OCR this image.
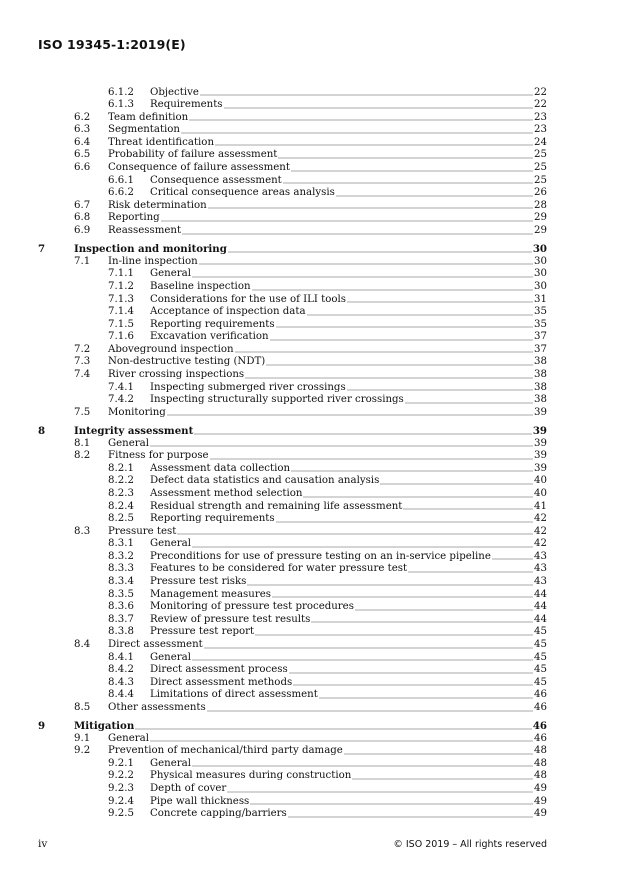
ISO 19345-1:2019(E)
6.1.2 Objective	22
6.1.3 Requirements	22
6.2 Team definition	23
6.3 Segmentation	23
6.4 Threat identification	24
6.5 Probability of failure assessment	25
6.6 Consequence of failure assessment	25
6.6.1 Consequence assessment	25
6.6.2 Critical consequence areas analysis	26
6.7 Risk determination	28
6.8 Reporting	29
6.9 Reassessment	29
7	Inspection and monitoring	30
7.1 In-line inspection	30
7.1.1 General	30
7.1.2 Baseline inspection	30
7.1.3 Considerations for the use of ILI tools	31
7.1.4 Acceptance of inspection data	35
7.1.5 Reporting requirements	35
7.1.6 Excavation verification	37
7.2 Aboveground inspection	37
7.3 Non-destructive testing (NDT)	38
7.4 River crossing inspections	38
7.4.1 Inspecting submerged river crossings	38
7.4.2 Inspecting structurally supported river crossings	38
7.5 Monitoring	39
8	Integrity assessment	39
8.1 General	39
8.2 Fitness for purpose	39
8.2.1 Assessment data collection	39
8.2.2 Defect data statistics and causation analysis	40
8.2.3 Assessment method selection	40
8.2.4 Residual strength and remaining life assessment	41
8.2.5 Reporting requirements	42
8.3 Pressure test	42
8.3.1 General	42
8.3.2 Preconditions for use of pressure testing on an in-service pipeline	43
8.3.3 Features to be considered for water pressure test	43
8.3.4 Pressure test risks	43
8.3.5 Management measures	44
8.3.6 Monitoring of pressure test procedures	44
8.3.7 Review of pressure test results	44
8.3.8 Pressure test report	45
8.4 Direct assessment	45
8.4.1 General	45
8.4.2 Direct assessment process	45
8.4.3 Direct assessment methods	45
8.4.4 Limitations of direct assessment	46
8.5 Other assessments	46
9	Mitigation	46
9.1 General	46
9.2 Prevention of mechanical/third party damage	48
9.2.1 General	48
9.2.2 Physical measures during construction	48
9.2.3 Depth of cover	49
9.2.4 Pipe wall thickness	49
9.2.5 Concrete capping/barriers	49
iv	© ISO 2019 – All rights reserved
